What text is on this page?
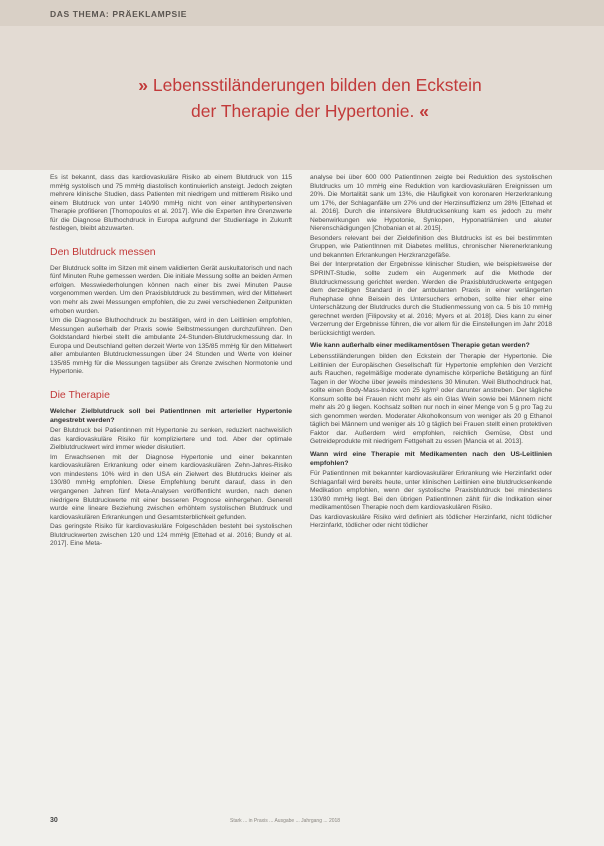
DAS THEMA: PRÄEKLAMPSIE
» Lebensstiländerungen bilden den Eckstein
der Therapie der Hypertonie. «

Es ist bekannt, dass das kardiovaskuläre Risiko ab einem Blutdruck von 115 mmHg systolisch und 75 mmHg diastolisch kontinuierlich ansteigt. Jedoch zeigten mehrere klinische Studien, dass Patienten mit niedrigem und mittlerem Risiko und einem Blutdruck von unter 140/90 mmHg nicht von einer antihypertensiven Therapie profitieren [Thomopoulos et al. 2017]. Wie die Experten ihre Grenzwerte für die Diagnose Bluthochdruck in Europa aufgrund der Studienlage in Zukunft festlegen, bleibt abzuwarten.

Den Blutdruck messen

Der Blutdruck sollte im Sitzen mit einem validierten Gerät auskultatorisch und nach fünf Minuten Ruhe gemessen werden. Die initiale Messung sollte an beiden Armen erfolgen. Messwiederholungen können nach einer bis zwei Minuten Pause vorgenommen werden. Um den Praxisblutdruck zu bestimmen, wird der Mittelwert von mehr als zwei Messungen empfohlen, die zu zwei verschiedenen Zeitpunkten erhoben wurden.

Um die Diagnose Bluthochdruck zu bestätigen, wird in den Leitlinien empfohlen, Messungen außerhalb der Praxis sowie Selbstmessungen durchzuführen. Den Goldstandard hierbei stellt die ambulante 24-Stunden-Blutdruckmessung dar. In Europa und Deutschland gelten derzeit Werte von 135/85 mmHg für den Mittelwert aller ambulanten Blutdruckmessungen über 24 Stunden und Werte von kleiner 135/85 mmHg für die Messungen tagsüber als Grenze zwischen Normotonie und Hypertonie.

Die Therapie
Welcher Zielblutdruck soll bei PatientInnen mit arterieller Hypertonie angestrebt werden?

Der Blutdruck bei Patientinnen mit Hypertonie zu senken, reduziert nachweislich das kardiovaskuläre Risiko für kompliziertere und tod. Aber der optimale Zielblutdruckwert wird immer wieder diskutiert.

Im Erwachsenen mit der Diagnose Hypertonie und einer bekannten kardiovaskulären Erkrankung oder einem kardiovaskulären Zehn-Jahres-Risiko von mindestens 10% wird in den USA ein Zielwert des Blutdrucks kleiner als 130/80 mmHg empfohlen. Diese Empfehlung beruht darauf, dass in den vergangenen Jahren fünf Meta-Analysen veröffentlicht wurden, nach denen niedrigere Blutdruckwerte mit einer besseren Prognose einhergehen. Generell wurde eine lineare Beziehung zwischen erhöhtem systolischen Blutdruck und kardiovaskulären Erkrankungen und Gesamtsterblichkeit gefunden.

Das geringste Risiko für kardiovaskuläre Folgeschäden besteht bei systolischen Blutdruckwerten zwischen 120 und 124 mmHg [Ettehad et al. 2016; Bundy et al. 2017]. Eine Meta-

analyse bei über 600 000 PatientInnen zeigte bei Reduktion des systolischen Blutdrucks um 10 mmHg eine Reduktion von kardiovaskulären Ereignissen um 20%. Die Mortalität sank um 13%, die Häufigkeit von koronaren Herzerkrankung um 17%, der Schlaganfälle um 27% und der Herzinsuffizienz um 28% [Ettehad et al. 2016]. Durch die intensivere Blutdrucksenkung kam es jedoch zu mehr Nebenwirkungen wie Hypotonie, Synkopen, Hyponatriämien und akuter Nierenschädigungen [Chobanian et al. 2015].

Besonders relevant bei der Zieldefinition des Blutdrucks ist es bei bestimmten Gruppen, wie PatientInnen mit Diabetes mellitus, chronischer Nierenerkrankung und bekannten Erkrankungen Herzkranzgefäße.

Bei der Interpretation der Ergebnisse klinischer Studien, wie beispielsweise der SPRINT-Studie, sollte zudem ein Augenmerk auf die Methode der Blutdruckmessung gerichtet werden. Werden die Praxisblutdruckwerte entgegen dem derzeitigen Standard in der ambulanten Praxis in einer verlängerten Ruhephase ohne Beisein des Untersuchers erhoben, sollte hier eher eine Unterschätzung der Blutdrucks durch die Studienmessung von ca. 5 bis 10 mmHg gerechnet werden [Filipovsky et al. 2016; Myers et al. 2018]. Dies kann zu einer Verzerrung der Ergebnisse führen, die vor allem für die Einstellungen im Jahr 2018 berücksichtigt werden.

Wie kann außerhalb einer medikamentösen Therapie getan werden?

Lebensstiländerungen bilden den Eckstein der Therapie der Hypertonie. Die Leitlinien der Europäischen Gesellschaft für Hypertonie empfehlen den Verzicht aufs Rauchen, regelmäßige moderate dynamische körperliche Betätigung an fünf Tagen in der Woche über jeweils mindestens 30 Minuten. Weil Bluthochdruck hat, sollte einen Body-Mass-Index von 25 kg/m² oder darunter anstreben. Der tägliche Konsum sollte bei Frauen nicht mehr als ein Glas Wein sowie bei Männern nicht mehr als 20 g liegen. Kochsalz sollten nur noch in einer Menge von 5 g pro Tag zu sich genommen werden. Moderater Alkoholkonsum von weniger als 20 g Ethanol täglich bei Männern und weniger als 10 g täglich bei Frauen stellt einen protektiven Faktor dar. Außerdem wird empfohlen, reichlich Gemüse, Obst und Getreideprodukte mit niedrigem Fettgehalt zu essen [Mancia et al. 2013].

Wann wird eine Therapie mit Medikamenten nach den US-Leitlinien empfohlen?

Für PatientInnen mit bekannter kardiovaskulärer Erkrankung wie Herzinfarkt oder Schlaganfall wird bereits heute, unter klinischen Leitlinien eine blutdrucksenkende Medikation empfohlen, wenn der systolische Praxisblutdruck bei mindestens 130/80 mmHg liegt. Bei den übrigen PatientInnen zählt für die Indikation einer medikamentösen Therapie noch dem kardiovaskulären Risiko.

Das kardiovaskuläre Risiko wird definiert als tödlicher Herzinfarkt, nicht tödlicher Herzinfarkt, tödlicher oder nicht tödlicher

30	Stark ... in Praxis ... Ausgabe ... Jahrgang ... 2018
